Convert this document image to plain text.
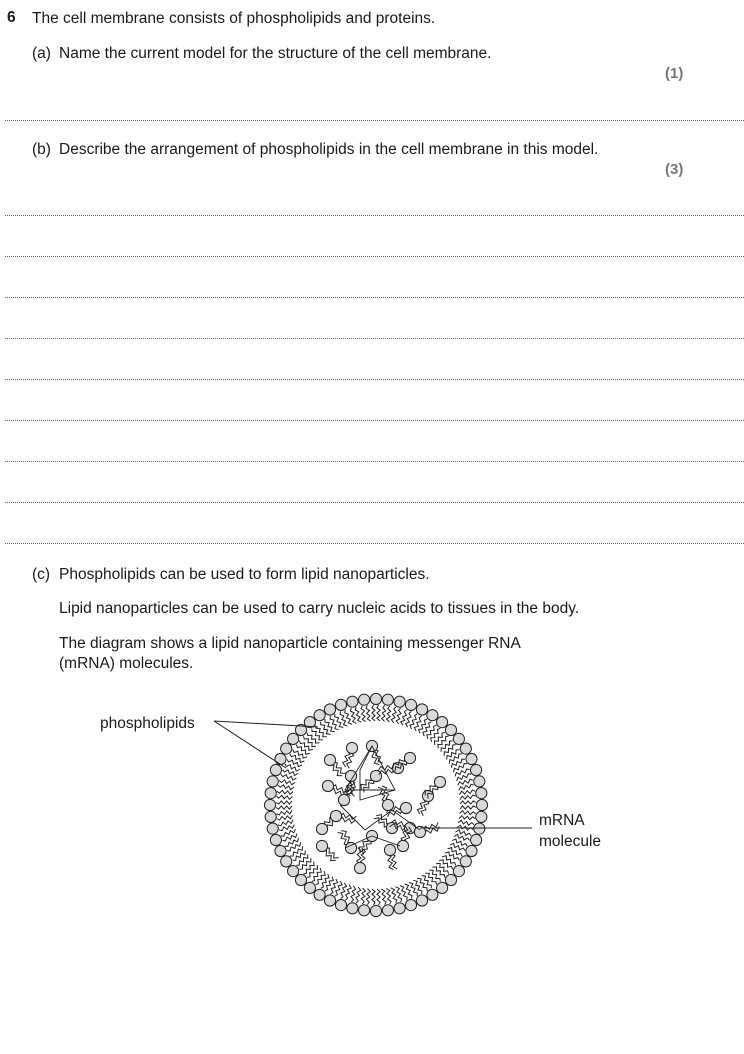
6 The cell membrane consists of phospholipids and proteins.
(a) Name the current model for the structure of the cell membrane.
(1)
(b) Describe the arrangement of phospholipids in the cell membrane in this model.
(3)
(c) Phospholipids can be used to form lipid nanoparticles.
Lipid nanoparticles can be used to carry nucleic acids to tissues in the body.
The diagram shows a lipid nanoparticle containing messenger RNA
(mRNA) molecules.
phospholipids
mRNA
molecule
